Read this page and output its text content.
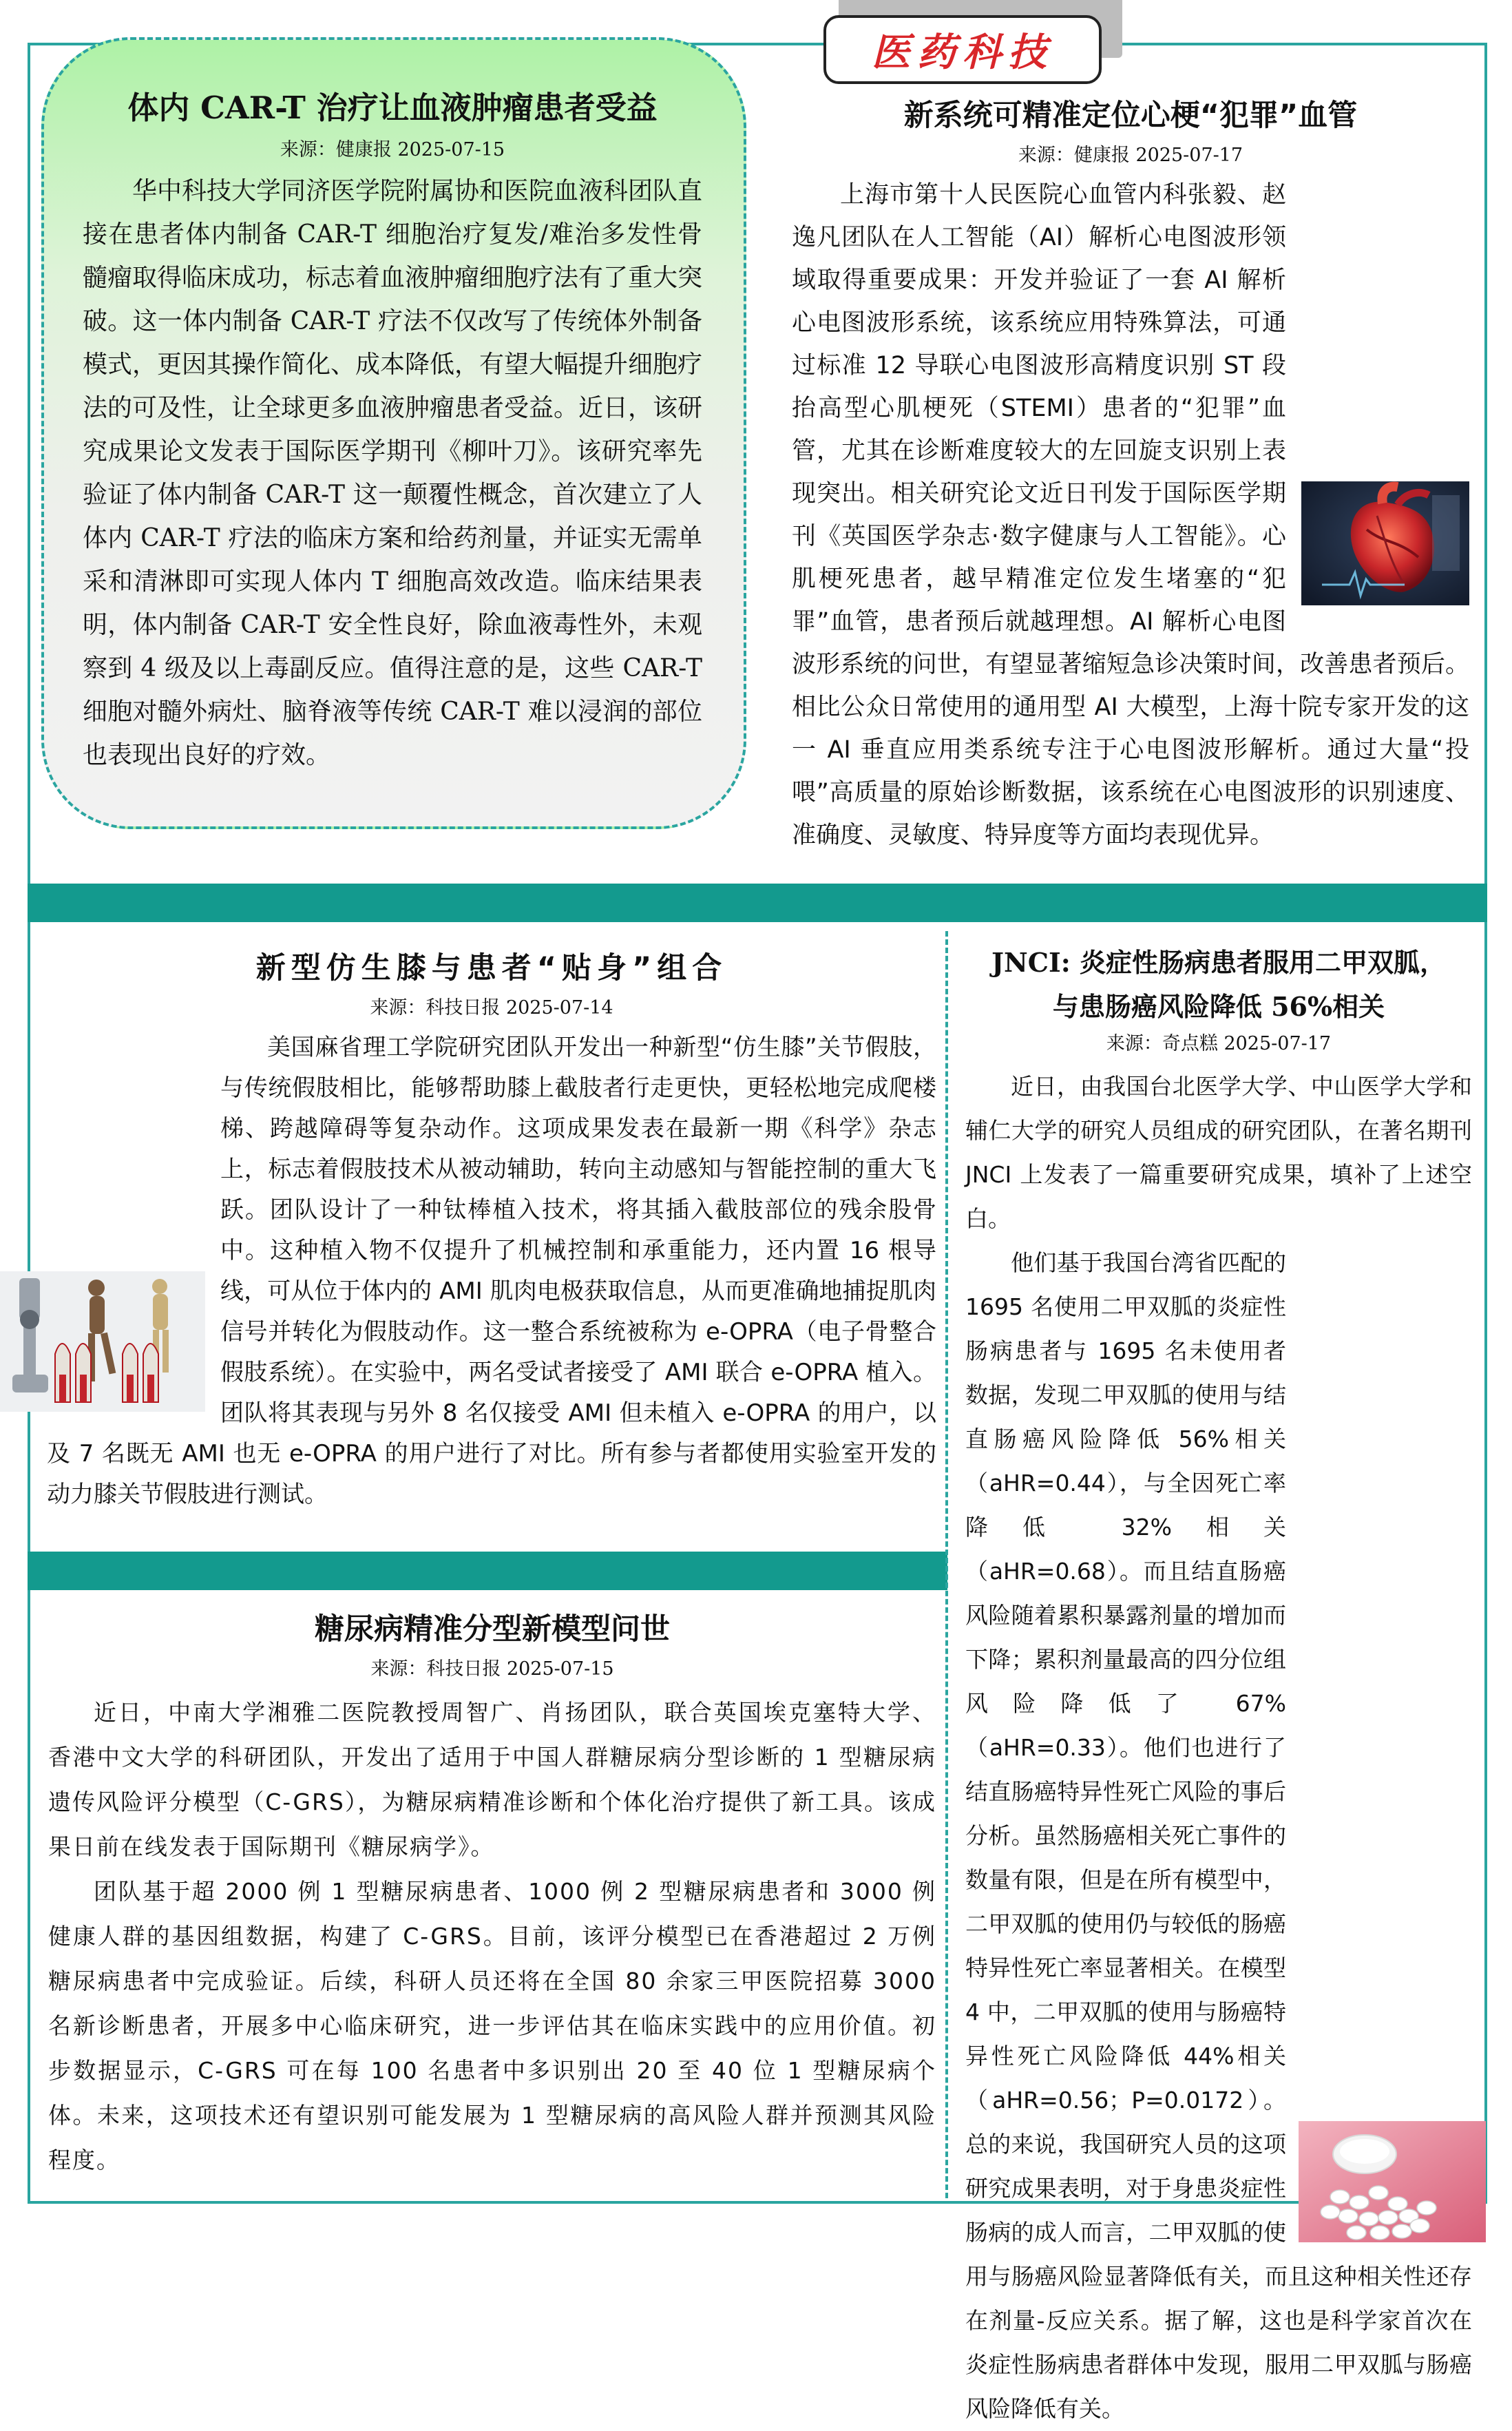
医药科技
体内 CAR-T 治疗让血液肿瘤患者受益
来源：健康报 2025-07-15

华中科技大学同济医学院附属协和医院血液科团队直接在患者体内制备 CAR-T 细胞治疗复发/难治多发性骨髓瘤取得临床成功，标志着血液肿瘤细胞疗法有了重大突破。这一体内制备 CAR-T 疗法不仅改写了传统体外制备模式，更因其操作简化、成本降低，有望大幅提升细胞疗法的可及性，让全球更多血液肿瘤患者受益。近日，该研究成果论文发表于国际医学期刊《柳叶刀》。该研究率先验证了体内制备 CAR-T 这一颠覆性概念，首次建立了人体内 CAR-T 疗法的临床方案和给药剂量，并证实无需单采和清淋即可实现人体内 T 细胞高效改造。临床结果表明，体内制备 CAR-T 安全性良好，除血液毒性外，未观察到 4 级及以上毒副反应。值得注意的是，这些 CAR-T 细胞对髓外病灶、脑脊液等传统 CAR-T 难以浸润的部位也表现出良好的疗效。

新系统可精准定位心梗“犯罪”血管
来源：健康报 2025-07-17
上海市第十人民医院心血管内科张毅、赵逸凡团队在人工智能（AI）解析心电图波形领域取得重要成果：开发并验证了一套 AI 解析心电图波形系统，该系统应用特殊算法，可通过标准 12 导联心电图波形高精度识别 ST 段抬高型心肌梗死（STEMI）患者的“犯罪”血管，尤其在诊断难度较大的左回旋支识别上表现突出。相关研究论文近日刊发于国际医学期刊《英国医学杂志·数字健康与人工智能》。心肌梗死患者，越早精准定位发生堵塞的“犯罪”血管，患者预后就越理想。AI 解析心电图波形系统的问世，有望显著缩短急诊决策时间，改善患者预后。相比公众日常使用的通用型 AI 大模型，上海十院专家开发的这一 AI 垂直应用类系统专注于心电图波形解析。通过大量“投喂”高质量的原始诊断数据，该系统在心电图波形的识别速度、准确度、灵敏度、特异度等方面均表现优异。
新型仿生膝与患者“贴身”组合
来源：科技日报 2025-07-14
美国麻省理工学院研究团队开发出一种新型“仿生膝”关节假肢，与传统假肢相比，能够帮助膝上截肢者行走更快，更轻松地完成爬楼梯、跨越障碍等复杂动作。这项成果发表在最新一期《科学》杂志上，标志着假肢技术从被动辅助，转向主动感知与智能控制的重大飞跃。团队设计了一种钛棒植入技术，将其插入截肢部位的残余股骨中。这种植入物不仅提升了机械控制和承重能力，还内置 16 根导线，可从位于体内的 AMI 肌肉电极获取信息，从而更准确地捕捉肌肉信号并转化为假肢动作。这一整合系统被称为 e-OPRA（电子骨整合假肢系统）。在实验中，两名受试者接受了 AMI 联合 e-OPRA 植入。团队将其表现与另外 8 名仅接受 AMI 但未植入 e-OPRA 的用户，以及 7 名既无 AMI 也无 e-OPRA 的用户进行了对比。所有参与者都使用实验室开发的动力膝关节假肢进行测试。
糖尿病精准分型新模型问世
来源：科技日报 2025-07-15

近日，中南大学湘雅二医院教授周智广、肖扬团队，联合英国埃克塞特大学、香港中文大学的科研团队，开发出了适用于中国人群糖尿病分型诊断的 1 型糖尿病遗传风险评分模型（C-GRS），为糖尿病精准诊断和个体化治疗提供了新工具。该成果日前在线发表于国际期刊《糖尿病学》。

团队基于超 2000 例 1 型糖尿病患者、1000 例 2 型糖尿病患者和 3000 例健康人群的基因组数据，构建了 C-GRS。目前，该评分模型已在香港超过 2 万例糖尿病患者中完成验证。后续，科研人员还将在全国 80 余家三甲医院招募 3000 名新诊断患者，开展多中心临床研究，进一步评估其在临床实践中的应用价值。初步数据显示，C-GRS 可在每 100 名患者中多识别出 20 至 40 位 1 型糖尿病个体。未来，这项技术还有望识别可能发展为 1 型糖尿病的高风险人群并预测其风险程度。

JNCI: 炎症性肠病患者服用二甲双胍，
与患肠癌风险降低 56%相关
来源：奇点糕 2025-07-17

近日，由我国台北医学大学、中山医学大学和辅仁大学的研究人员组成的研究团队，在著名期刊 JNCI 上发表了一篇重要研究成果，填补了上述空白。

他们基于我国台湾省匹配的 1695 名使用二甲双胍的炎症性肠病患者与 1695 名未使用者数据，发现二甲双胍的使用与结直肠癌风险降低 56%相关（aHR=0.44），与全因死亡率降低 32%相关（aHR=0.68）。而且结直肠癌风险随着累积暴露剂量的增加而下降；累积剂量最高的四分位组风险降低了 67%（aHR=0.33）。他们也进行了结直肠癌特异性死亡风险的事后分析。虽然肠癌相关死亡事件的数量有限，但是在所有模型中，二甲双胍的使用仍与较低的肠癌特异性死亡率显著相关。在模型 4 中，二甲双胍的使用与肠癌特异性死亡风险降低 44%相关（aHR=0.56；P=0.0172）。总的来说，我国研究人员的这项研究成果表明，对于身患炎症性肠病的成人而言，二甲双胍的使用与肠癌风险显著降低有关，而且这种相关性还存在剂量-反应关系。据了解，这也是科学家首次在炎症性肠病患者群体中发现，服用二甲双胍与肠癌风险降低有关。
